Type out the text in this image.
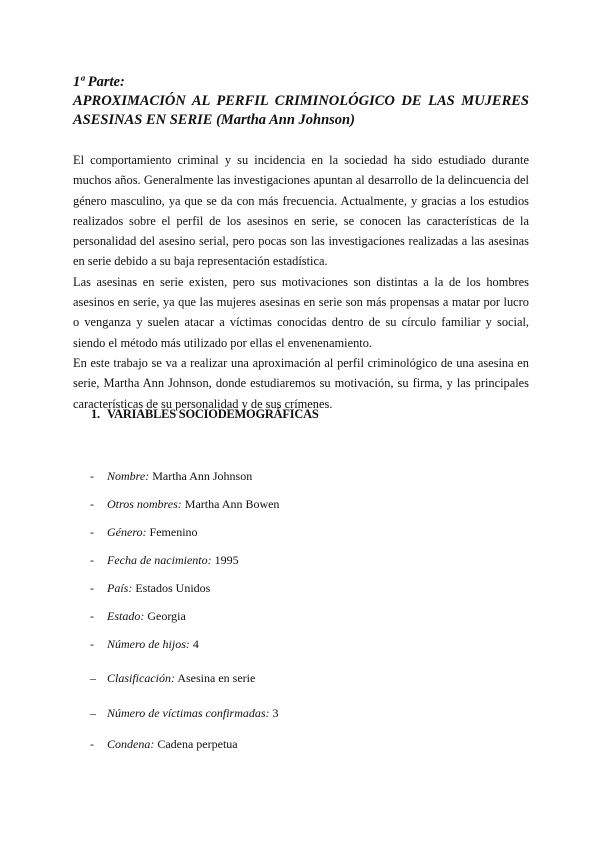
1ª Parte:
APROXIMACIÓN AL PERFIL CRIMINOLÓGICO DE LAS MUJERES ASESINAS EN SERIE (Martha Ann Johnson)

El comportamiento criminal y su incidencia en la sociedad ha sido estudiado durante muchos años. Generalmente las investigaciones apuntan al desarrollo de la delincuencia del género masculino, ya que se da con más frecuencia. Actualmente, y gracias a los estudios realizados sobre el perfil de los asesinos en serie, se conocen las características de la personalidad del asesino serial, pero pocas son las investigaciones realizadas a las asesinas en serie debido a su baja representación estadística.

Las asesinas en serie existen, pero sus motivaciones son distintas a la de los hombres asesinos en serie, ya que las mujeres asesinas en serie son más propensas a matar por lucro o venganza y suelen atacar a víctimas conocidas dentro de su círculo familiar y social, siendo el método más utilizado por ellas el envenenamiento.

En este trabajo se va a realizar una aproximación al perfil criminológico de una asesina en serie, Martha Ann Johnson, donde estudiaremos su motivación, su firma, y las principales características de su personalidad y de sus crímenes.

1. VARIABLES SOCIODEMOGRÁFICAS
- Nombre: Martha Ann Johnson
- Otros nombres: Martha Ann Bowen
- Género: Femenino
- Fecha de nacimiento: 1995
- País: Estados Unidos
- Estado: Georgia
- Número de hijos: 4
– Clasificación: Asesina en serie
– Número de víctimas confirmadas: 3
- Condena: Cadena perpetua
